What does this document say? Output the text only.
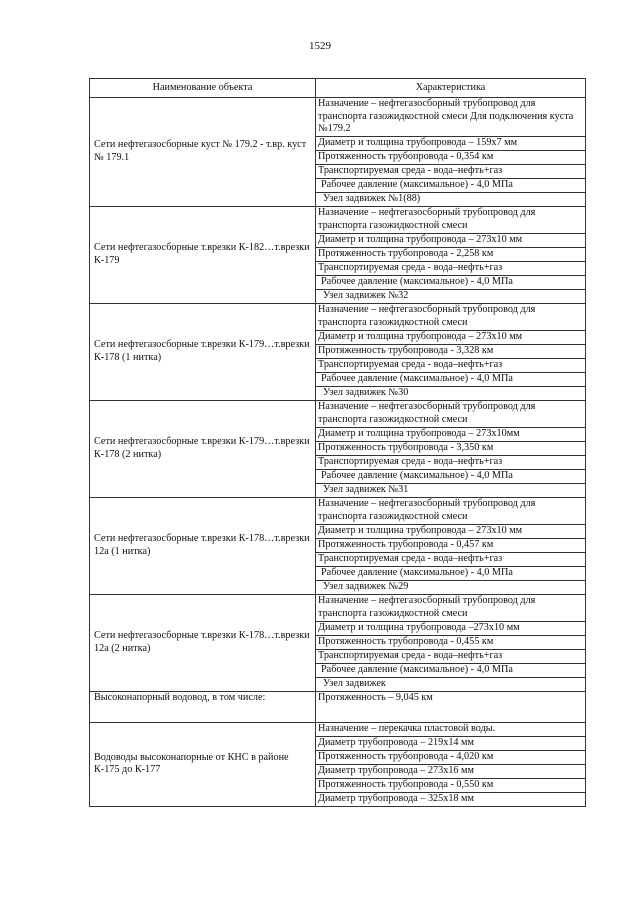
1529
Наименование объекта	Характеристика
Сети нефтегазосборные куст № 179.2 - т.вр. куст № 179.1	Назначение – нефтегазосборный трубопровод для транспорта газожидкостной смеси Для подключения куста №179.2
	Диаметр и толщина трубопровода – 159х7 мм
	Протяженность трубопровода - 0,354 км
	Транспортируемая среда - вода–нефть+газ
	Рабочее давление (максимальное) - 4,0 МПа
	Узел задвижек №1(88)
Сети нефтегазосборные т.врезки К-182…т.врезки К-179	Назначение – нефтегазосборный трубопровод для транспорта газожидкостной смеси
	Диаметр и толщина трубопровода – 273х10 мм
	Протяженность трубопровода - 2,258 км
	Транспортируемая среда - вода–нефть+газ
	Рабочее давление (максимальное) - 4,0 МПа
	Узел задвижек №32
Сети нефтегазосборные т.врезки К-179…т.врезки К-178 (1 нитка)	Назначение – нефтегазосборный трубопровод для транспорта газожидкостной смеси
	Диаметр и толщина трубопровода – 273х10 мм
	Протяженность трубопровода - 3,328 км
	Транспортируемая среда - вода–нефть+газ
	Рабочее давление (максимальное) - 4,0 МПа
	Узел задвижек №30
Сети нефтегазосборные т.врезки К-179…т.врезки К-178 (2 нитка)	Назначение – нефтегазосборный трубопровод для транспорта газожидкостной смеси
	Диаметр и толщина трубопровода – 273х10мм
	Протяженность трубопровода - 3,350 км
	Транспортируемая среда - вода–нефть+газ
	Рабочее давление (максимальное) - 4,0 МПа
	Узел задвижек №31
Сети нефтегазосборные т.врезки К-178…т.врезки 12а (1 нитка)	Назначение – нефтегазосборный трубопровод для транспорта газожидкостной смеси
	Диаметр и толщина трубопровода – 273х10 мм
	Протяженность трубопровода - 0,457 км
	Транспортируемая среда - вода–нефть+газ
	Рабочее давление (максимальное) - 4,0 МПа
	Узел задвижек №29
Сети нефтегазосборные т.врезки К-178…т.врезки 12а (2 нитка)	Назначение – нефтегазосборный трубопровод для транспорта газожидкостной смеси
	Диаметр и толщина трубопровода –273х10 мм
	Протяженность трубопровода - 0,455 км
	Транспортируемая среда - вода–нефть+газ
	Рабочее давление (максимальное) - 4,0 МПа
	Узел задвижек
Высоконапорный водовод, в том числе:	Протяженность – 9,045 км
Водоводы высоконапорные от КНС в районе К-175 до К-177	Назначение – перекачка пластовой воды.
	Диаметр трубопровода – 219х14 мм
	Протяженность трубопровода - 4,020 км
	Диаметр трубопровода – 273х16 мм
	Протяженность трубопровода - 0,550 км
	Диаметр трубопровода – 325х18 мм
